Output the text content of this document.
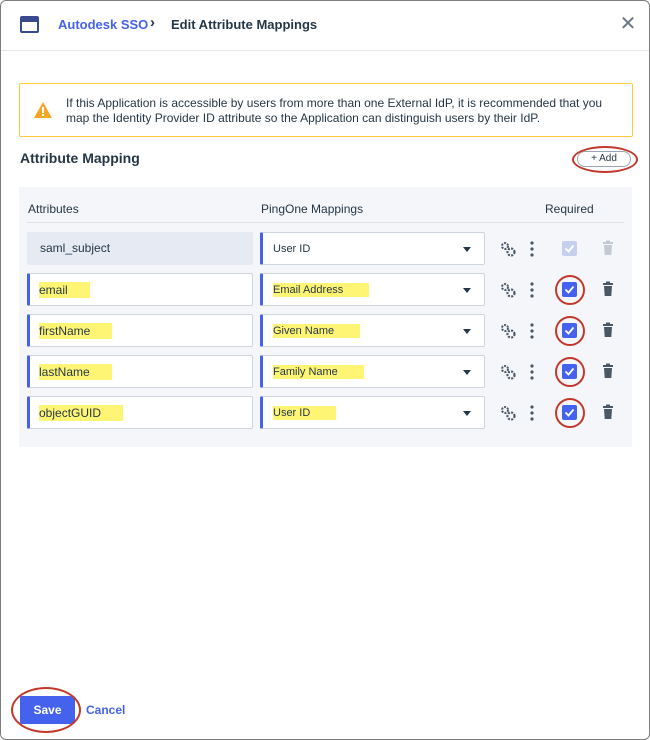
Autodesk SSO › Edit Attribute Mappings	✕
If this Application is accessible by users from more than one External IdP, it is recommended that you map the Identity Provider ID attribute so the Application can distinguish users by their IdP.
Attribute Mapping	+ Add
Attributes	PingOne Mappings	Required
saml_subject	User ID
email	Email Address
firstName	Given Name
lastName	Family Name
objectGUID	User ID
Save	Cancel
